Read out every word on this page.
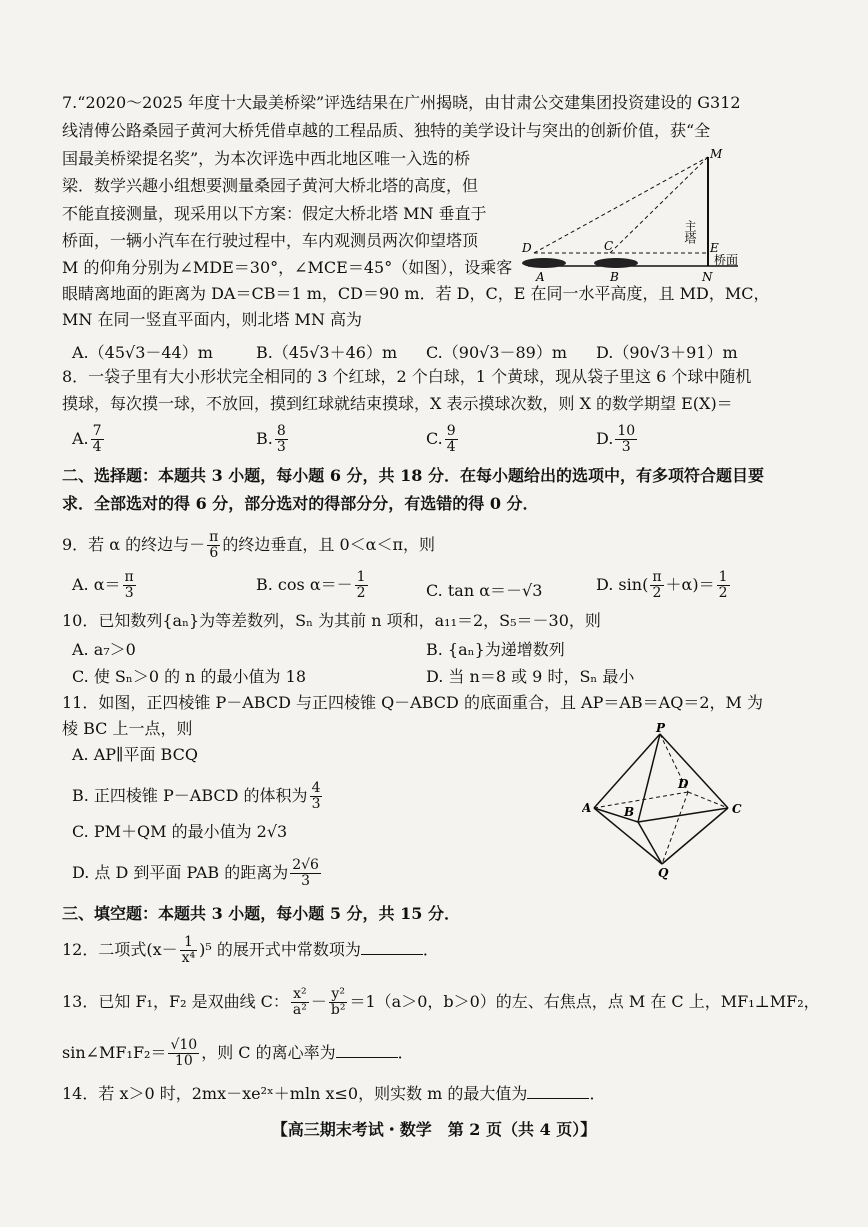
7.“2020～2025 年度十大最美桥梁”评选结果在广州揭晓，由甘肃公交建集团投资建设的 G312
线清傅公路桑园子黄河大桥凭借卓越的工程品质、独特的美学设计与突出的创新价值，获“全
国最美桥梁提名奖”，为本次评选中西北地区唯一入选的桥
梁．数学兴趣小组想要测量桑园子黄河大桥北塔的高度，但
不能直接测量，现采用以下方案：假定大桥北塔 MN 垂直于
桥面，一辆小汽车在行驶过程中，车内观测员两次仰望塔顶
M 的仰角分别为∠MDE＝30°，∠MCE＝45°（如图），设乘客
眼睛离地面的距离为 DA＝CB＝1 m，CD＝90 m．若 D，C，E 在同一水平高度，且 MD，MC，
MN 在同一竖直平面内，则北塔 MN 高为
M
D	C	E
A	B	N
主塔
桥面
A.（45√3－44）m	B.（45√3＋46）m C.（90√3－89）m D.（90√3＋91）m
8．一袋子里有大小形状完全相同的 3 个红球，2 个白球，1 个黄球，现从袋子里这 6 个球中随机
摸球，每次摸一球，不放回，摸到红球就结束摸球，X 表示摸球次数，则 X 的数学期望 E(X)＝
A. $\frac{7}{4}$	B. $\frac{8}{3}$	C. $\frac{9}{4}$	D. $\frac{10}{3}$
二、选择题：本题共 3 小题，每小题 6 分，共 18 分．在每小题给出的选项中，有多项符合题目要
求．全部选对的得 6 分，部分选对的得部分分，有选错的得 0 分．
9．若 α 的终边与－ $\frac{\pi}{6}$ 的终边垂直，且 0＜α＜π，则
A. $\alpha= \frac{\pi}{3}$	B. $\cos \alpha=- \frac{1}{2}$	C. tan α＝－√3	D. $\sin( \frac{\pi}{2} +\alpha)= \frac{1}{2}$
10．已知数列{aₙ}为等差数列，Sₙ 为其前 n 项和，a₁₁＝2，S₅＝－30，则
A. a₇＞0	B. {aₙ}为递增数列
C. 使 Sₙ＞0 的 n 的最小值为 18	D. 当 n＝8 或 9 时，Sₙ 最小
11．如图，正四棱锥 P－ABCD 与正四棱锥 Q－ABCD 的底面重合，且 AP＝AB＝AQ＝2，M 为
棱 BC 上一点，则
A. AP∥平面 BCQ
B. 正四棱锥 P－ABCD 的体积为 $\frac{4}{3}$
C. PM＋QM 的最小值为 2√3
D. 点 D 到平面 PAB 的距离为 $\frac{2√6}{3}$
P
D
A	B	C
Q
三、填空题：本题共 3 小题，每小题 5 分，共 15 分．
12．二项式$(x- \frac{1}{\text{x⁴}} )^5$ 的展开式中常数项为	．
13．已知 F₁，F₂ 是双曲线 C： $\frac{\text{x²}}{\text{a²}} - \frac{\text{y²}}{\text{b²}} =1(a>0$，b＞0）的左、右焦点，点 M 在 C 上，MF₁⊥MF₂，
sin∠MF₁F₂＝ $\frac{√10}{10}$ ，则 C 的离心率为	．
14．若 x＞0 时，2mx－xe²ˣ＋mln x≤0，则实数 m 的最大值为	．
【高三期末考试・数学　第 2 页（共 4 页）】
